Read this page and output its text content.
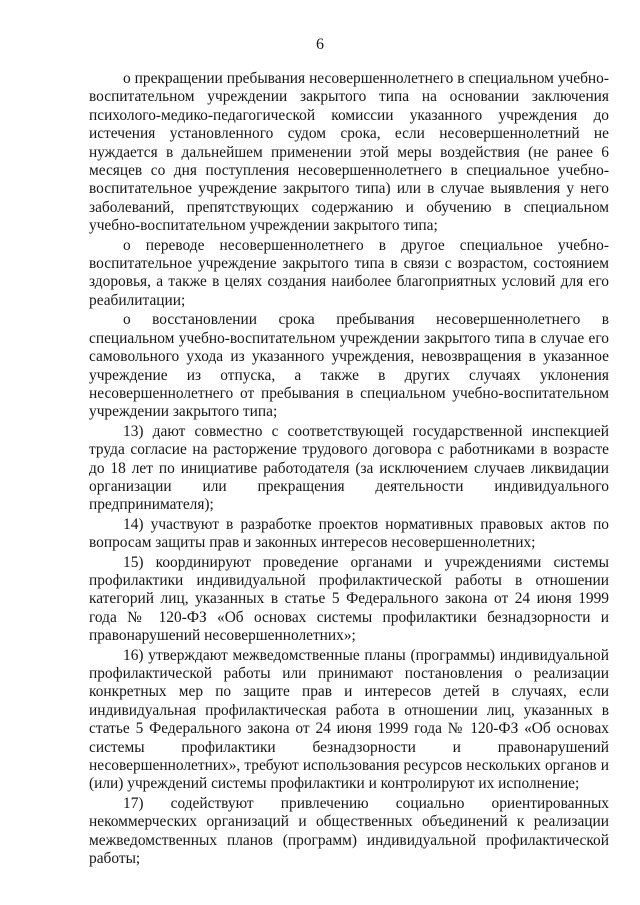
6

о прекращении пребывания несовершеннолетнего в специальном учебно-воспитательном учреждении закрытого типа на основании заключения психолого-медико-педагогической комиссии указанного учреждения до истечения установленного судом срока, если несовершеннолетний не нуждается в дальнейшем применении этой меры воздействия (не ранее 6 месяцев со дня поступления несовершеннолетнего в специальное учебно-воспитательное учреждение закрытого типа) или в случае выявления у него заболеваний, препятствующих содержанию и обучению в специальном учебно-воспитательном учреждении закрытого типа;

о переводе несовершеннолетнего в другое специальное учебно-воспитательное учреждение закрытого типа в связи с возрастом, состоянием здоровья, а также в целях создания наиболее благоприятных условий для его реабилитации;

о восстановлении срока пребывания несовершеннолетнего в специальном учебно-воспитательном учреждении закрытого типа в случае его самовольного ухода из указанного учреждения, невозвращения в указанное учреждение из отпуска, а также в других случаях уклонения несовершеннолетнего от пребывания в специальном учебно-воспитательном учреждении закрытого типа;

13) дают совместно с соответствующей государственной инспекцией труда согласие на расторжение трудового договора с работниками в возрасте до 18 лет по инициативе работодателя (за исключением случаев ликвидации организации или прекращения деятельности индивидуального предпринимателя);

14) участвуют в разработке проектов нормативных правовых актов по вопросам защиты прав и законных интересов несовершеннолетних;

15) координируют проведение органами и учреждениями системы профилактики индивидуальной профилактической работы в отношении категорий лиц, указанных в статье 5 Федерального закона от 24 июня 1999 года № 120-ФЗ «Об основах системы профилактики безнадзорности и правонарушений несовершеннолетних»;

16) утверждают межведомственные планы (программы) индивидуальной профилактической работы или принимают постановления о реализации конкретных мер по защите прав и интересов детей в случаях, если индивидуальная профилактическая работа в отношении лиц, указанных в статье 5 Федерального закона от 24 июня 1999 года № 120-ФЗ «Об основах системы профилактики безнадзорности и правонарушений несовершеннолетних», требуют использования ресурсов нескольких органов и (или) учреждений системы профилактики и контролируют их исполнение;

17) содействуют привлечению социально ориентированных некоммерческих организаций и общественных объединений к реализации межведомственных планов (программ) индивидуальной профилактической работы;
